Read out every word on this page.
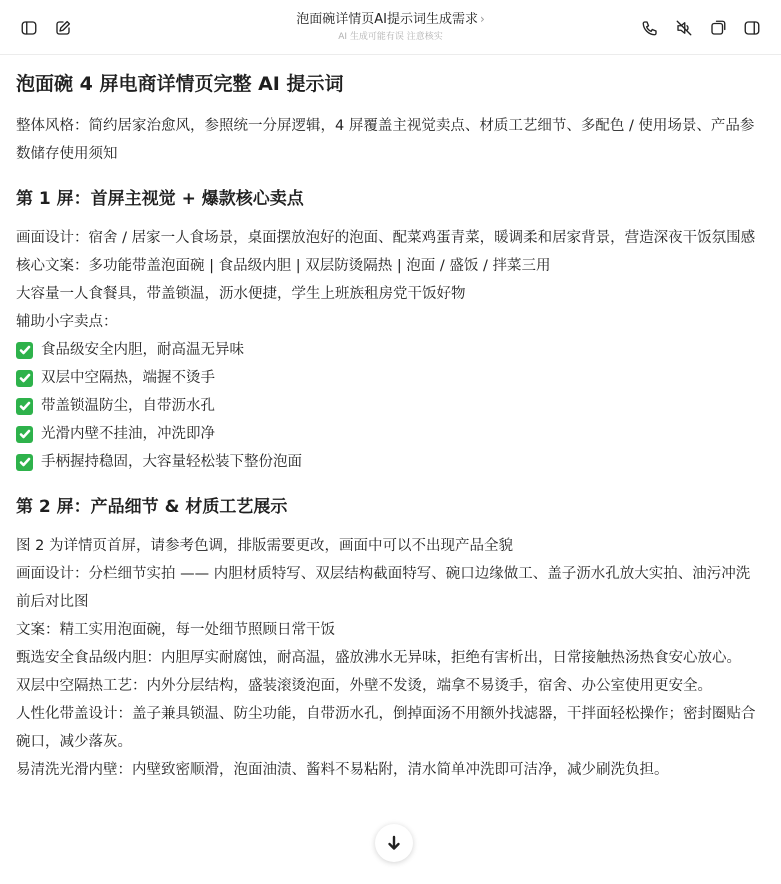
泡面碗详情页AI提示词生成需求 ›
AI 生成可能有误 注意核实
泡面碗 4 屏电商详情页完整 AI 提示词

整体风格：简约居家治愈风，参照统一分屏逻辑，4 屏覆盖主视觉卖点、材质工艺细节、多配色 / 使用场景、产品参数储存使用须知

第 1 屏：首屏主视觉 + 爆款核心卖点

画面设计：宿舍 / 居家一人食场景，桌面摆放泡好的泡面、配菜鸡蛋青菜，暖调柔和居家背景，营造深夜干饭氛围感

核心文案：多功能带盖泡面碗 | 食品级内胆 | 双层防烫隔热 | 泡面 / 盛饭 / 拌菜三用

大容量一人食餐具，带盖锁温，沥水便捷，学生上班族租房党干饭好物

辅助小字卖点：

食品级安全内胆，耐高温无异味
双层中空隔热，端握不烫手
带盖锁温防尘，自带沥水孔
光滑内壁不挂油，冲洗即净
手柄握持稳固，大容量轻松装下整份泡面
第 2 屏：产品细节 & 材质工艺展示

图 2 为详情页首屏，请参考色调，排版需要更改，画面中可以不出现产品全貌

画面设计：分栏细节实拍 —— 内胆材质特写、双层结构截面特写、碗口边缘做工、盖子沥水孔放大实拍、油污冲洗前后对比图

文案：精工实用泡面碗，每一处细节照顾日常干饭

甄选安全食品级内胆：内胆厚实耐腐蚀，耐高温，盛放沸水无异味，拒绝有害析出，日常接触热汤热食安心放心。

双层中空隔热工艺：内外分层结构，盛装滚烫泡面，外壁不发烫，端拿不易烫手，宿舍、办公室使用更安全。

人性化带盖设计：盖子兼具锁温、防尘功能，自带沥水孔，倒掉面汤不用额外找滤器，干拌面轻松操作；密封圈贴合碗口，减少落灰。

易清洗光滑内壁：内壁致密顺滑，泡面油渍、酱料不易粘附，清水简单冲洗即可洁净，减少刷洗负担。
